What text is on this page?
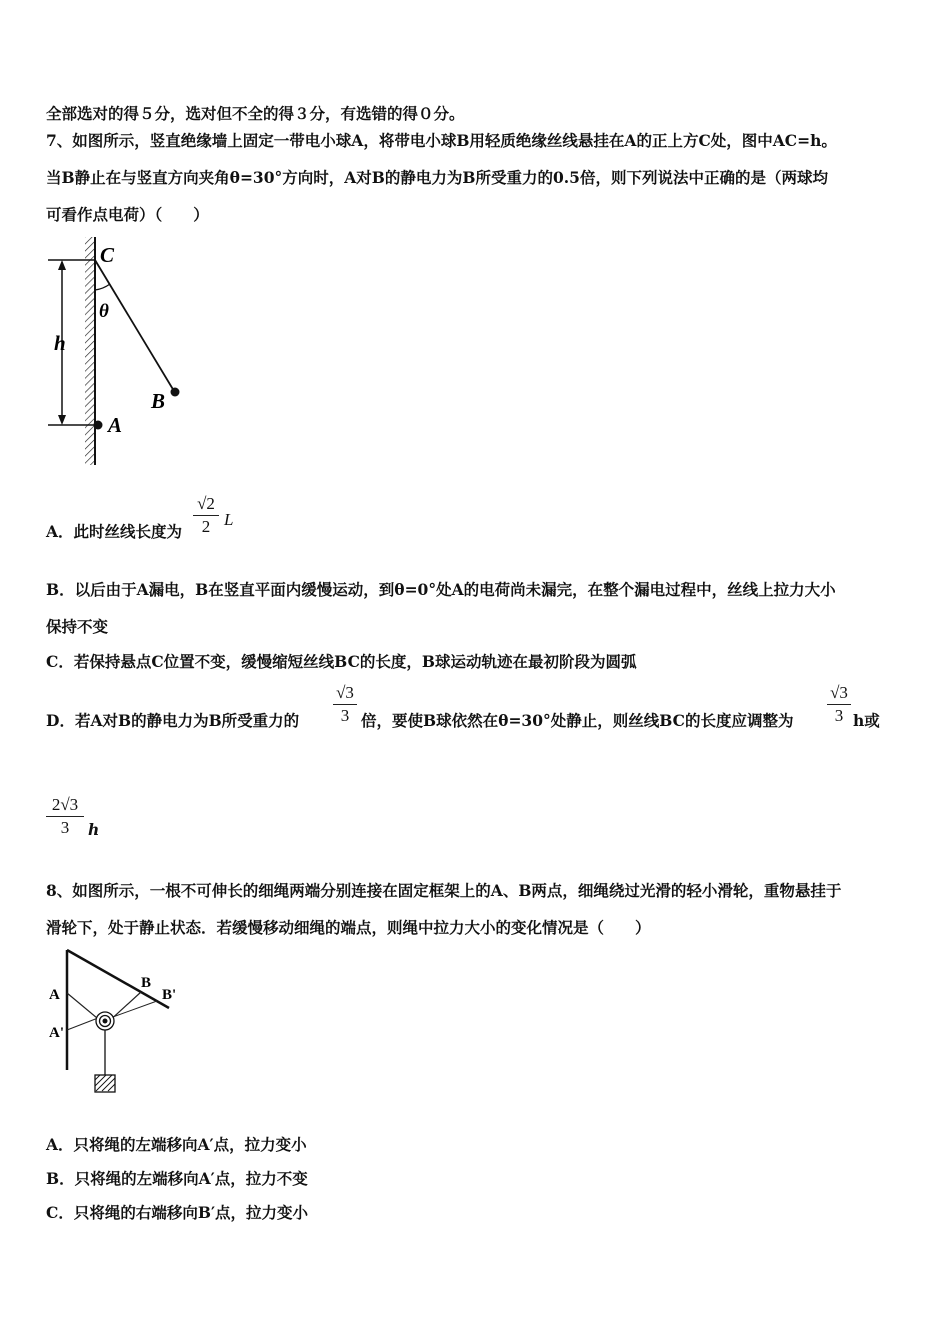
全部选对的得５分，选对但不全的得３分，有选错的得０分。
7、如图所示，竖直绝缘墙上固定一带电小球A，将带电小球B用轻质绝缘丝线悬挂在A的正上方C处，图中AC=h。
当B静止在与竖直方向夹角θ=30°方向时，A对B的静电力为B所受重力的0.5倍，则下列说法中正确的是（两球均
可看作点电荷）（　　）
C
h
θ
B
A
A．此时丝线长度为
√2
2 L
B．以后由于A漏电，B在竖直平面内缓慢运动，到θ=0°处A的电荷尚未漏完，在整个漏电过程中，丝线上拉力大小
保持不变
C．若保持悬点C位置不变，缓慢缩短丝线BC的长度，B球运动轨迹在最初阶段为圆弧
D．若A对B的静电力为B所受重力的
√3
3 倍，要使B球依然在θ=30°处静止，则丝线BC的长度应调整为
√3
3 h或
2√3
3	h
8、如图所示，一根不可伸长的细绳两端分别连接在固定框架上的A、B两点，细绳绕过光滑的轻小滑轮，重物悬挂于
滑轮下，处于静止状态．若缓慢移动细绳的端点，则绳中拉力大小的变化情况是（　　）
A
A'
B
B'
A．只将绳的左端移向A′点，拉力变小
B．只将绳的左端移向A′点，拉力不变
C．只将绳的右端移向B′点，拉力变小
